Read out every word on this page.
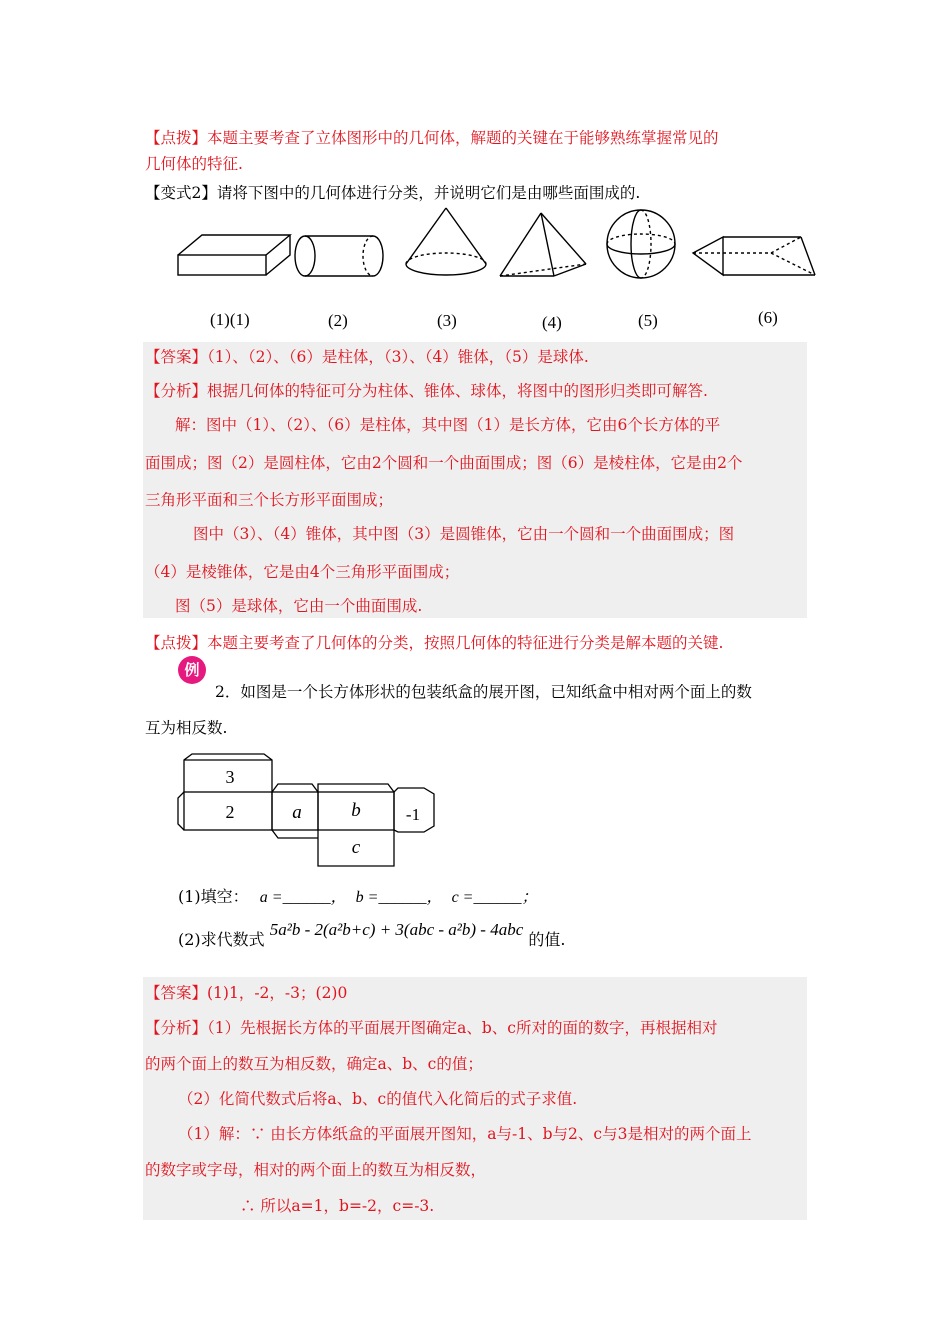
【点拨】本题主要考查了立体图形中的几何体，解题的关键在于能够熟练掌握常见的
几何体的特征.
【变式2】请将下图中的几何体进行分类，并说明它们是由哪些面围成的.
(1)(1)	(2)	(3)	(4)	(5)	(6)
【答案】（1）、（2）、（6）是柱体，（3）、（4）锥体，（5）是球体.
【分析】根据几何体的特征可分为柱体、锥体、球体，将图中的图形归类即可解答.
解：图中（1）、（2）、（6）是柱体，其中图（1）是长方体，它由6个长方体的平
面围成；图（2）是圆柱体，它由2个圆和一个曲面围成；图（6）是棱柱体，它是由2个
三角形平面和三个长方形平面围成；
图中（3）、（4）锥体，其中图（3）是圆锥体，它由一个圆和一个曲面围成；图
（4）是棱锥体，它是由4个三角形平面围成；
图（5）是球体，它由一个曲面围成.
【点拨】本题主要考查了几何体的分类，按照几何体的特征进行分类是解本题的关键.
例
2．如图是一个长方体形状的包装纸盒的展开图，已知纸盒中相对两个面上的数
互为相反数.
3
2	a	b	-1
c
(1)填空： a =______， b =______， c =______；
(2)求代数式 5a²b - 2(a²b+c) + 3(abc - a²b) - 4abc 的值.
【答案】(1)1，-2，-3；(2)0
【分析】（1）先根据长方体的平面展开图确定a、b、c所对的面的数字，再根据相对
的两个面上的数互为相反数，确定a、b、c的值；
（2）化简代数式后将a、b、c的值代入化简后的式子求值.
（1）解：∵ 由长方体纸盒的平面展开图知，a与-1、b与2、c与3是相对的两个面上
的数字或字母，相对的两个面上的数互为相反数，
∴ 所以a=1，b=-2，c=-3.
